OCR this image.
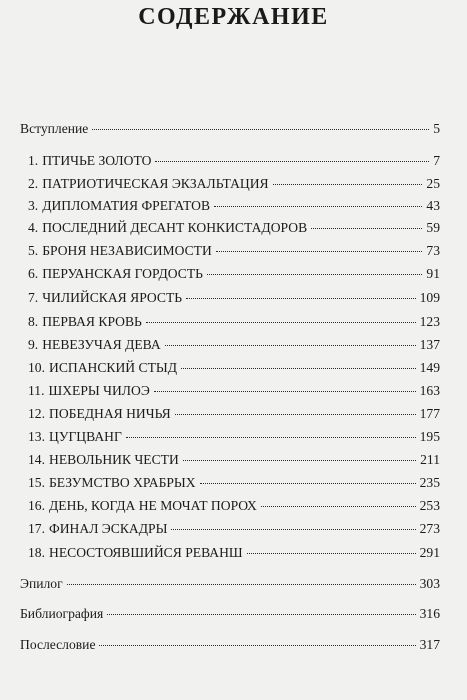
СОДЕРЖАНИЕ
Вступление	5
1. ПТИЧЬЕ ЗОЛОТО	7
2. ПАТРИОТИЧЕСКАЯ ЭКЗАЛЬТАЦИЯ	25
3. ДИПЛОМАТИЯ ФРЕГАТОВ	43
4. ПОСЛЕДНИЙ ДЕСАНТ КОНКИСТАДОРОВ	59
5. БРОНЯ НЕЗАВИСИМОСТИ	73
6. ПЕРУАНСКАЯ ГОРДОСТЬ	91
7. ЧИЛИЙСКАЯ ЯРОСТЬ	109
8. ПЕРВАЯ КРОВЬ	123
9. НЕВЕЗУЧАЯ ДЕВА	137
10. ИСПАНСКИЙ СТЫД	149
11. ШХЕРЫ ЧИЛОЭ	163
12. ПОБЕДНАЯ НИЧЬЯ	177
13. ЦУГЦВАНГ	195
14. НЕВОЛЬНИК ЧЕСТИ	211
15. БЕЗУМСТВО ХРАБРЫХ	235
16. ДЕНЬ, КОГДА НЕ МОЧАТ ПОРОХ	253
17. ФИНАЛ ЭСКАДРЫ	273
18. НЕСОСТОЯВШИЙСЯ РЕВАНШ	291
Эпилог	303
Библиография	316
Послесловие	317
